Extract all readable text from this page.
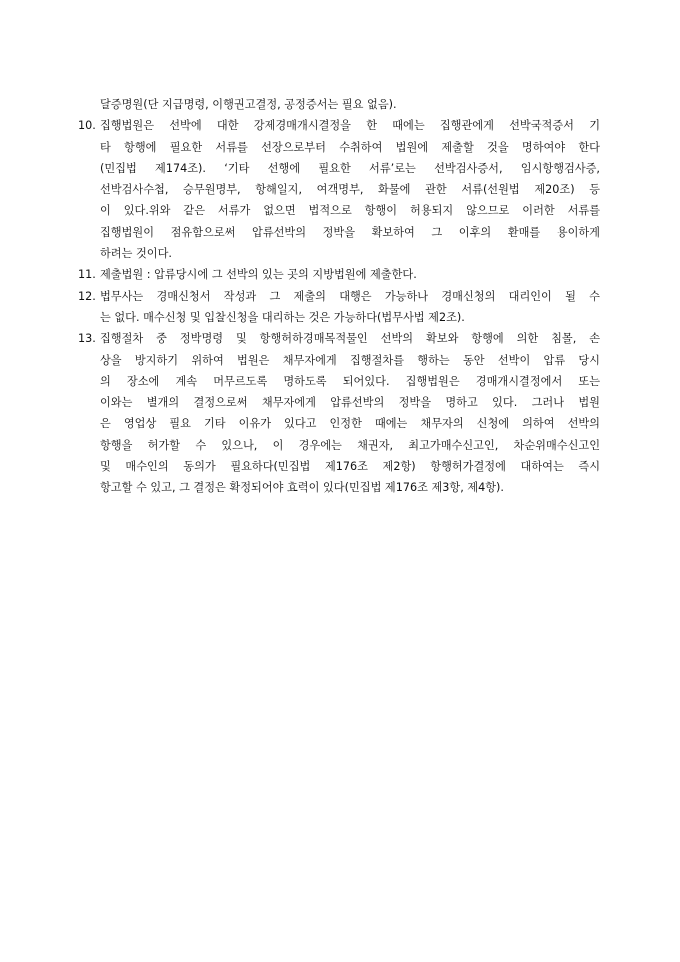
달증명원(단 지급명령, 이행권고결정, 공정증서는 필요 없음).
10. 집행법원은 선박에 대한 강제경매개시결정을 한 때에는 집행관에게 선박국적증서 기
타 항행에 필요한 서류를 선장으로부터 수취하여 법원에 제출할 것을 명하여야 한다
(민집법 제174조). ‘기타 선행에 필요한 서류’로는 선박검사증서, 임시항행검사증,
선박검사수첩, 승무원명부, 항해일지, 여객명부, 화물에 관한 서류(선원법 제20조) 등
이 있다.위와 같은 서류가 없으면 법적으로 항행이 허용되지 않으므로 이러한 서류를
집행법원이 점유함으로써 압류선박의 정박을 확보하여 그 이후의 환매를 용이하게
하려는 것이다.
11. 제출법원 : 압류당시에 그 선박의 있는 곳의 지방법원에 제출한다.
12. 법무사는 경매신청서 작성과 그 제출의 대행은 가능하나 경매신청의 대리인이 될 수
는 없다. 매수신청 및 입찰신청을 대리하는 것은 가능하다(법무사법 제2조).
13. 집행절차 중 정박명령 및 항행허하경매목적물인 선박의 확보와 항행에 의한 침몰, 손
상을 방지하기 위하여 법원은 채무자에게 집행절차를 행하는 동안 선박이 압류 당시
의 장소에 계속 머무르도록 명하도록 되어있다. 집행법원은 경매개시결정에서 또는
이와는 별개의 결정으로써 채무자에게 압류선박의 정박을 명하고 있다. 그러나 법원
은 영업상 필요 기타 이유가 있다고 인정한 때에는 채무자의 신청에 의하여 선박의
항행을 허가할 수 있으나, 이 경우에는 채권자, 최고가매수신고인, 차순위매수신고인
및 매수인의 동의가 필요하다(민집법 제176조 제2항) 항행허가결정에 대하여는 즉시
항고할 수 있고, 그 결정은 확정되어야 효력이 있다(민집법 제176조 제3항, 제4항).
